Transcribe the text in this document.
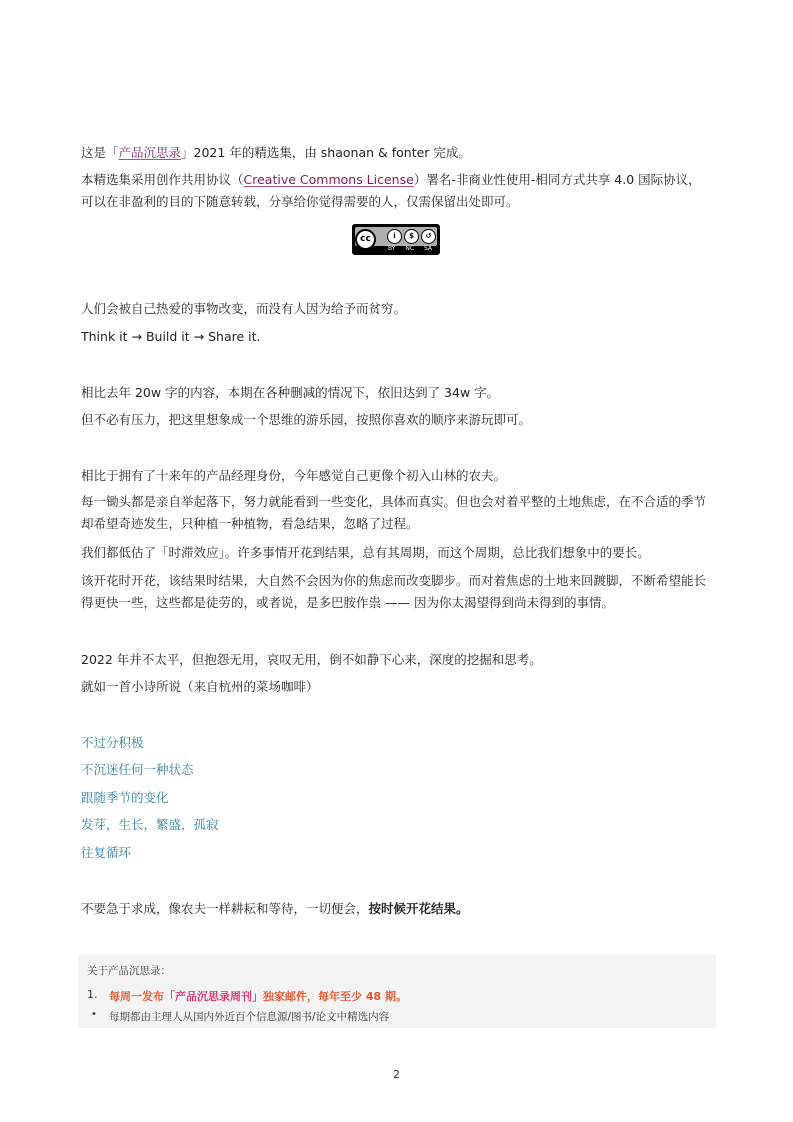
这是「产品沉思录」2021 年的精选集，由 shaonan & fonter 完成。

本精选集采用创作共用协议（Creative Commons License）署名-非商业性使用-相同方式共享 4.0 国际协议，可以在非盈利的目的下随意转载，分享给你觉得需要的人，仅需保留出处即可。

cc	i	$	↺
BY NC SA

人们会被自己热爱的事物改变，而没有人因为给予而贫穷。

Think it → Build it → Share it.

相比去年 20w 字的内容，本期在各种删减的情况下，依旧达到了 34w 字。

但不必有压力，把这里想象成一个思维的游乐园，按照你喜欢的顺序来游玩即可。

相比于拥有了十来年的产品经理身份，今年感觉自己更像个初入山林的农夫。

每一锄头都是亲自举起落下，努力就能看到一些变化，具体而真实。但也会对着平整的土地焦虑，在不合适的季节却希望奇迹发生，只种植一种植物，看急结果，忽略了过程。

我们都低估了「时滞效应」。许多事情开花到结果，总有其周期，而这个周期，总比我们想象中的要长。

该开花时开花，该结果时结果，大自然不会因为你的焦虑而改变脚步。而对着焦虑的土地来回踱脚，不断希望能长得更快一些，这些都是徒劳的，或者说，是多巴胺作祟 —— 因为你太渴望得到尚未得到的事情。

2022 年并不太平，但抱怨无用，哀叹无用，倒不如静下心来，深度的挖掘和思考。

就如一首小诗所说（来自杭州的菜场咖啡）

不过分积极

不沉迷任何一种状态

跟随季节的变化

发芽，生长，繁盛，孤寂

往复循环

不要急于求成，像农夫一样耕耘和等待，一切便会，按时候开花结果。

关于产品沉思录：
1. 每周一发布「产品沉思录周刊」独家邮件，每年至少 48 期。
• 每期都由主理人从国内外近百个信息源/图书/论文中精选内容
2
